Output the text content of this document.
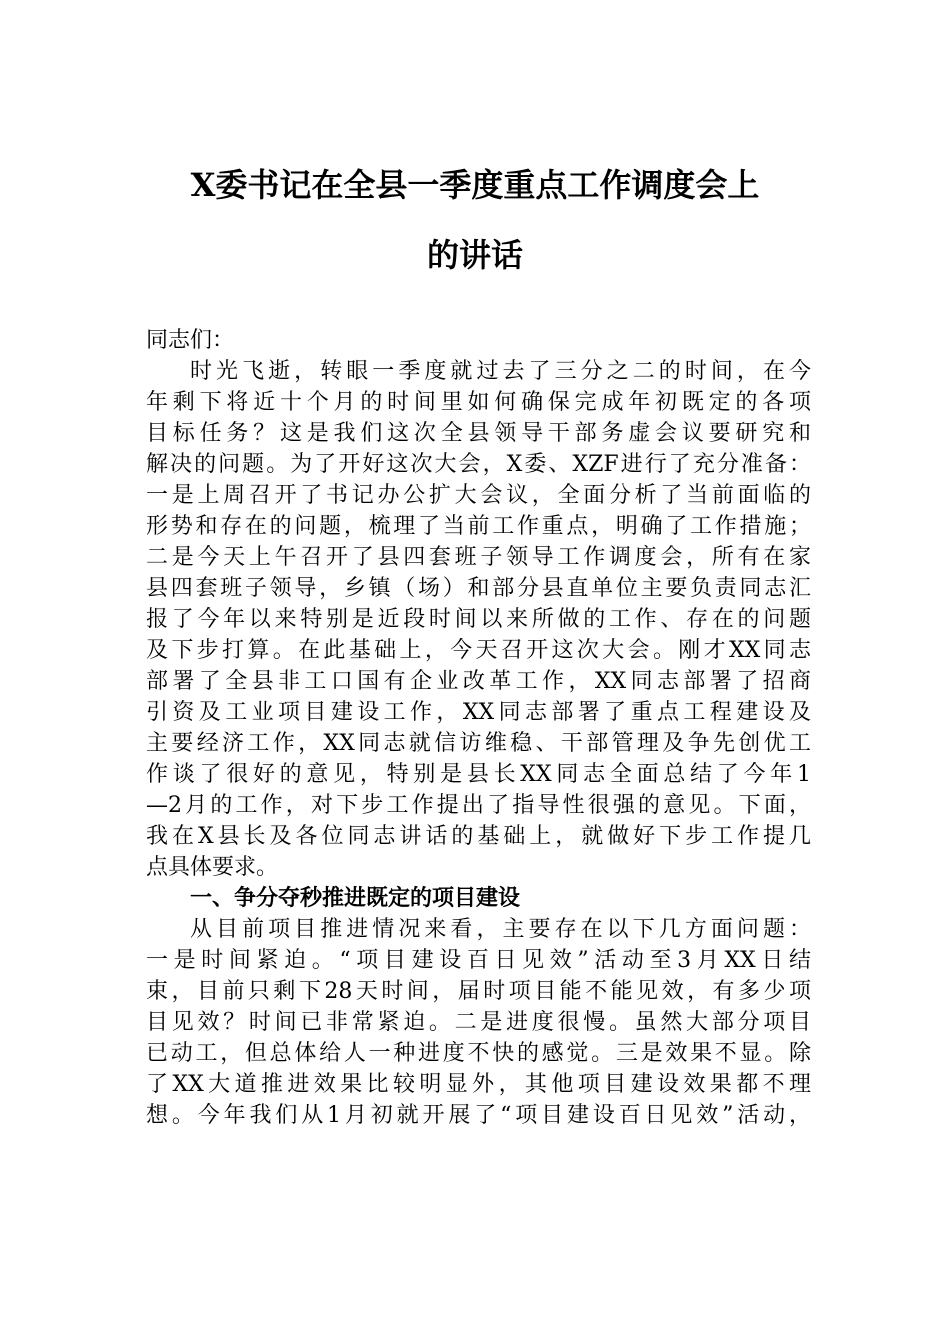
X委书记在全县一季度重点工作调度会上
的讲话
同志们：
时光飞逝，转眼一季度就过去了三分之二的时间，在今
年剩下将近十个月的时间里如何确保完成年初既定的各项
目标任务？这是我们这次全县领导干部务虚会议要研究和
解决的问题。为了开好这次大会，X委、XZF进行了充分准备：
一是上周召开了书记办公扩大会议，全面分析了当前面临的
形势和存在的问题，梳理了当前工作重点，明确了工作措施；
二是今天上午召开了县四套班子领导工作调度会，所有在家
县四套班子领导，乡镇（场）和部分县直单位主要负责同志汇
报了今年以来特别是近段时间以来所做的工作、存在的问题
及下步打算。在此基础上，今天召开这次大会。刚才XX同志
部署了全县非工口国有企业改革工作，XX同志部署了招商
引资及工业项目建设工作，XX同志部署了重点工程建设及
主要经济工作，XX同志就信访维稳、干部管理及争先创优工
作谈了很好的意见，特别是县长XX同志全面总结了今年1
—2月的工作，对下步工作提出了指导性很强的意见。下面，
我在X县长及各位同志讲话的基础上，就做好下步工作提几
点具体要求。
一、争分夺秒推进既定的项目建设
从目前项目推进情况来看，主要存在以下几方面问题：
一是时间紧迫。“项目建设百日见效”活动至3月XX日结
束，目前只剩下28天时间，届时项目能不能见效，有多少项
目见效？时间已非常紧迫。二是进度很慢。虽然大部分项目
已动工，但总体给人一种进度不快的感觉。三是效果不显。除
了XX大道推进效果比较明显外，其他项目建设效果都不理
想。今年我们从1月初就开展了“项目建设百日见效”活动，
